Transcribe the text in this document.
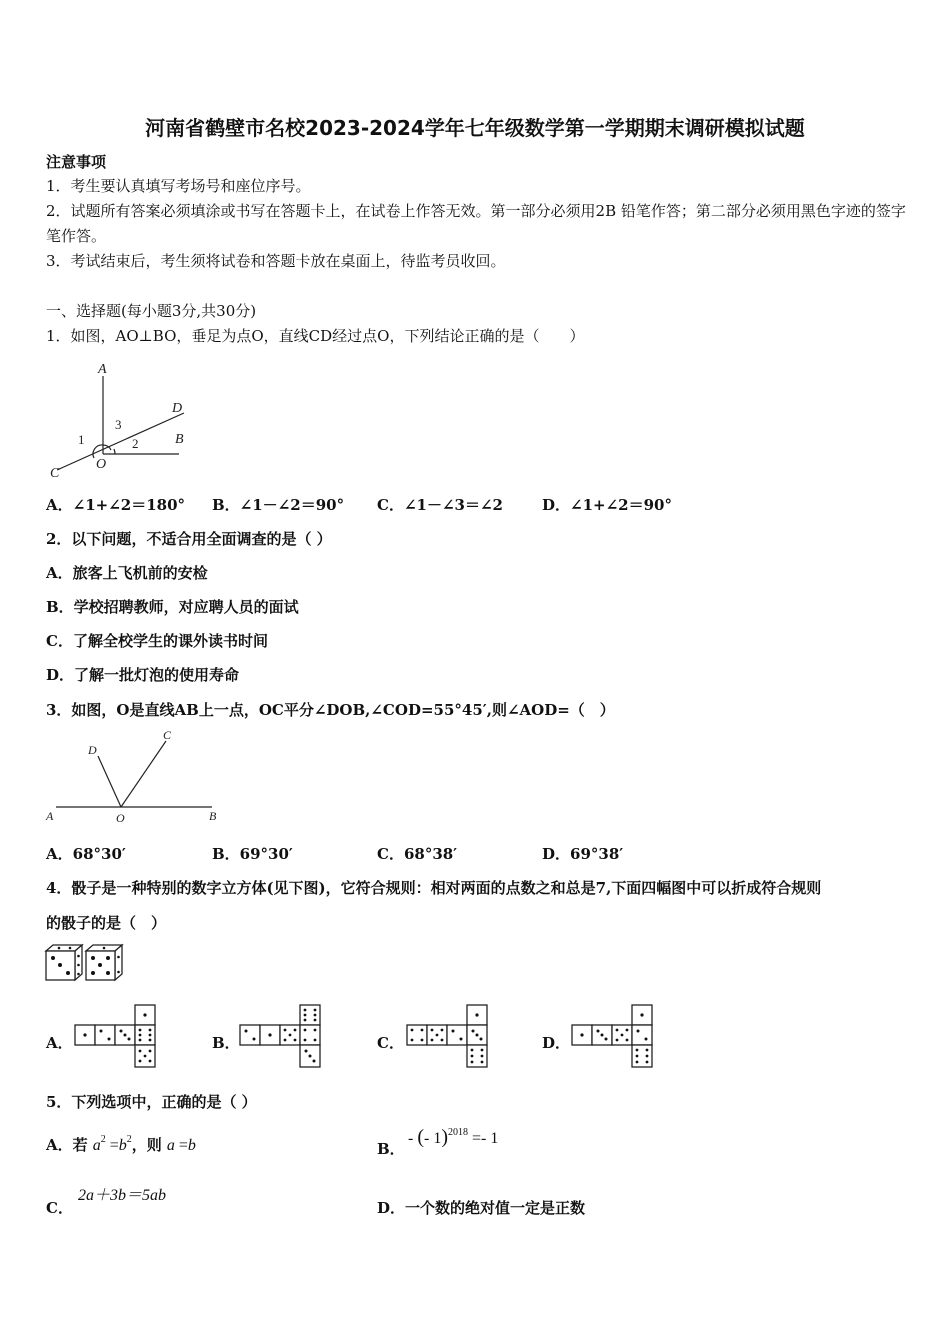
河南省鹤壁市名校2023-2024学年七年级数学第一学期期末调研模拟试题
注意事项
1．考生要认真填写考场号和座位序号。
2．试题所有答案必须填涂或书写在答题卡上，在试卷上作答无效。第一部分必须用2B 铅笔作答；第二部分必须用黑色字迹的签字笔作答。
3．考试结束后，考生须将试卷和答题卡放在桌面上，待监考员收回。
一、选择题(每小题3分,共30分)
1．如图，AO⊥BO，垂足为点O，直线CD经过点O，下列结论正确的是（　　）
A
D
B
C
O
1	2
3
A．∠1+∠2＝180° B．∠1－∠2＝90° C．∠1－∠3＝∠2	D．∠1+∠2＝90°
2．以下问题，不适合用全面调查的是（ ）
A．旅客上飞机前的安检
B．学校招聘教师，对应聘人员的面试
C．了解全校学生的课外读书时间
D．了解一批灯泡的使用寿命
3．如图，O是直线AB上一点，OC平分∠DOB,∠COD=55°45′,则∠AOD=（　）
D
C
A	O	B
A．68°30′	B．69°30′	C．68°38′	D．69°38′
4．骰子是一种特别的数字立方体(见下图)，它符合规则：相对两面的点数之和总是7,下面四幅图中可以折成符合规则
的骰子的是（　）
A．	B．	C．	D．
5．下列选项中，正确的是（ ）
A．若 $a^2 =b^2$，则 a =b	B．
- (- 1)$^{2018}$ =- 1
C．
2a＋3b＝5ab
D．一个数的绝对值一定是正数
